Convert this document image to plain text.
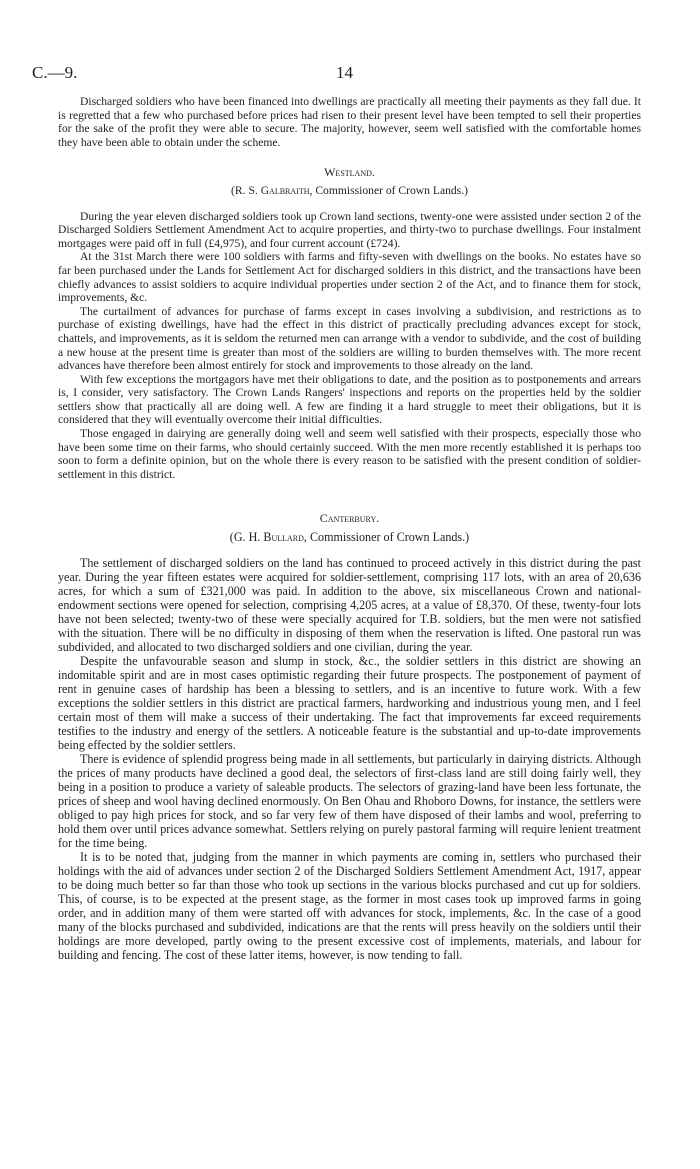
C.—9.	14

Discharged soldiers who have been financed into dwellings are practically all meeting their payments as they fall due. It is regretted that a few who purchased before prices had risen to their present level have been tempted to sell their properties for the sake of the profit they were able to secure. The majority, however, seem well satisfied with the comfortable homes they have been able to obtain under the scheme.

Westland.

(R. S. Galbraith, Commissioner of Crown Lands.)

During the year eleven discharged soldiers took up Crown land sections, twenty-one were assisted under section 2 of the Discharged Soldiers Settlement Amendment Act to acquire properties, and thirty-two to purchase dwellings. Four instalment mortgages were paid off in full (£4,975), and four current account (£724).

At the 31st March there were 100 soldiers with farms and fifty-seven with dwellings on the books. No estates have so far been purchased under the Lands for Settlement Act for discharged soldiers in this district, and the transactions have been chiefly advances to assist soldiers to acquire individual properties under section 2 of the Act, and to finance them for stock, improvements, &c.

The curtailment of advances for purchase of farms except in cases involving a subdivision, and restrictions as to purchase of existing dwellings, have had the effect in this district of practically precluding advances except for stock, chattels, and improvements, as it is seldom the returned men can arrange with a vendor to subdivide, and the cost of building a new house at the present time is greater than most of the soldiers are willing to burden themselves with. The more recent advances have therefore been almost entirely for stock and improvements to those already on the land.

With few exceptions the mortgagors have met their obligations to date, and the position as to postponements and arrears is, I consider, very satisfactory. The Crown Lands Rangers' inspections and reports on the properties held by the soldier settlers show that practically all are doing well. A few are finding it a hard struggle to meet their obligations, but it is considered that they will eventually overcome their initial difficulties.

Those engaged in dairying are generally doing well and seem well satisfied with their prospects, especially those who have been some time on their farms, who should certainly succeed. With the men more recently established it is perhaps too soon to form a definite opinion, but on the whole there is every reason to be satisfied with the present condition of soldier-settlement in this district.

Canterbury.

(G. H. Bullard, Commissioner of Crown Lands.)

The settlement of discharged soldiers on the land has continued to proceed actively in this district during the past year. During the year fifteen estates were acquired for soldier-settlement, comprising 117 lots, with an area of 20,636 acres, for which a sum of £321,000 was paid. In addition to the above, six miscellaneous Crown and national-endowment sections were opened for selection, comprising 4,205 acres, at a value of £8,370. Of these, twenty-four lots have not been selected; twenty-two of these were specially acquired for T.B. soldiers, but the men were not satisfied with the situation. There will be no difficulty in disposing of them when the reservation is lifted. One pastoral run was subdivided, and allocated to two discharged soldiers and one civilian, during the year.

Despite the unfavourable season and slump in stock, &c., the soldier settlers in this district are showing an indomitable spirit and are in most cases optimistic regarding their future prospects. The postponement of payment of rent in genuine cases of hardship has been a blessing to settlers, and is an incentive to future work. With a few exceptions the soldier settlers in this district are practical farmers, hardworking and industrious young men, and I feel certain most of them will make a success of their undertaking. The fact that improvements far exceed requirements testifies to the industry and energy of the settlers. A noticeable feature is the substantial and up-to-date improvements being effected by the soldier settlers.

There is evidence of splendid progress being made in all settlements, but particularly in dairying districts. Although the prices of many products have declined a good deal, the selectors of first-class land are still doing fairly well, they being in a position to produce a variety of saleable products. The selectors of grazing-land have been less fortunate, the prices of sheep and wool having declined enormously. On Ben Ohau and Rhoboro Downs, for instance, the settlers were obliged to pay high prices for stock, and so far very few of them have disposed of their lambs and wool, preferring to hold them over until prices advance somewhat. Settlers relying on purely pastoral farming will require lenient treatment for the time being.

It is to be noted that, judging from the manner in which payments are coming in, settlers who purchased their holdings with the aid of advances under section 2 of the Discharged Soldiers Settlement Amendment Act, 1917, appear to be doing much better so far than those who took up sections in the various blocks purchased and cut up for soldiers. This, of course, is to be expected at the present stage, as the former in most cases took up improved farms in going order, and in addition many of them were started off with advances for stock, implements, &c. In the case of a good many of the blocks purchased and subdivided, indications are that the rents will press heavily on the soldiers until their holdings are more developed, partly owing to the present excessive cost of implements, materials, and labour for building and fencing. The cost of these latter items, however, is now tending to fall.
